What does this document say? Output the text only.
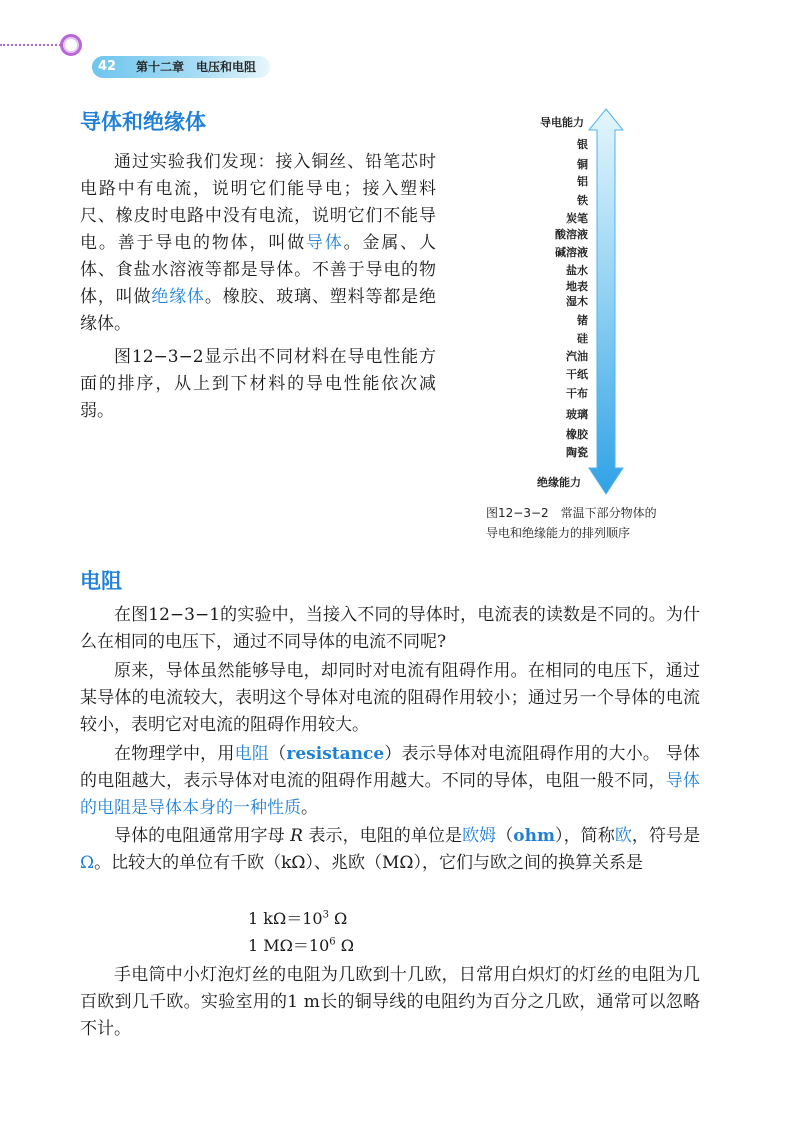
42	第十二章　电压和电阻
导体和绝缘体

通过实验我们发现：接入铜丝、铅笔芯时电路中有电流，说明它们能导电；接入塑料尺、橡皮时电路中没有电流，说明它们不能导电。善于导电的物体，叫做导体。金属、人体、食盐水溶液等都是导体。不善于导电的物体，叫做绝缘体。橡胶、玻璃、塑料等都是绝缘体。

图12−3−2显示出不同材料在导电性能方面的排序，从上到下材料的导电性能依次减弱。

导电能力
银
铜
铝
铁
炭笔
酸溶液
碱溶液
盐水
地表
湿木
锗
硅
汽油
干纸
干布
玻璃
橡胶
陶瓷
绝缘能力
图12−3−2　常温下部分物体的
导电和绝缘能力的排列顺序
电阻

在图12−3−1的实验中，当接入不同的导体时，电流表的读数是不同的。为什么在相同的电压下，通过不同导体的电流不同呢?

原来，导体虽然能够导电，却同时对电流有阻碍作用。在相同的电压下，通过某导体的电流较大，表明这个导体对电流的阻碍作用较小；通过另一个导体的电流较小，表明它对电流的阻碍作用较大。

在物理学中，用电阻（resistance）表示导体对电流阻碍作用的大小。 导体的电阻越大，表示导体对电流的阻碍作用越大。不同的导体，电阻一般不同，导体的电阻是导体本身的一种性质。

导体的电阻通常用字母 R 表示，电阻的单位是欧姆（ohm），简称欧，符号是Ω。比较大的单位有千欧（kΩ）、兆欧（MΩ），它们与欧之间的换算关系是

1 $k\Omega=10^3$ Ω
1 $M\Omega=10^6$ Ω

手电筒中小灯泡灯丝的电阻为几欧到十几欧，日常用白炽灯的灯丝的电阻为几百欧到几千欧。实验室用的1 m长的铜导线的电阻约为百分之几欧，通常可以忽略不计。
